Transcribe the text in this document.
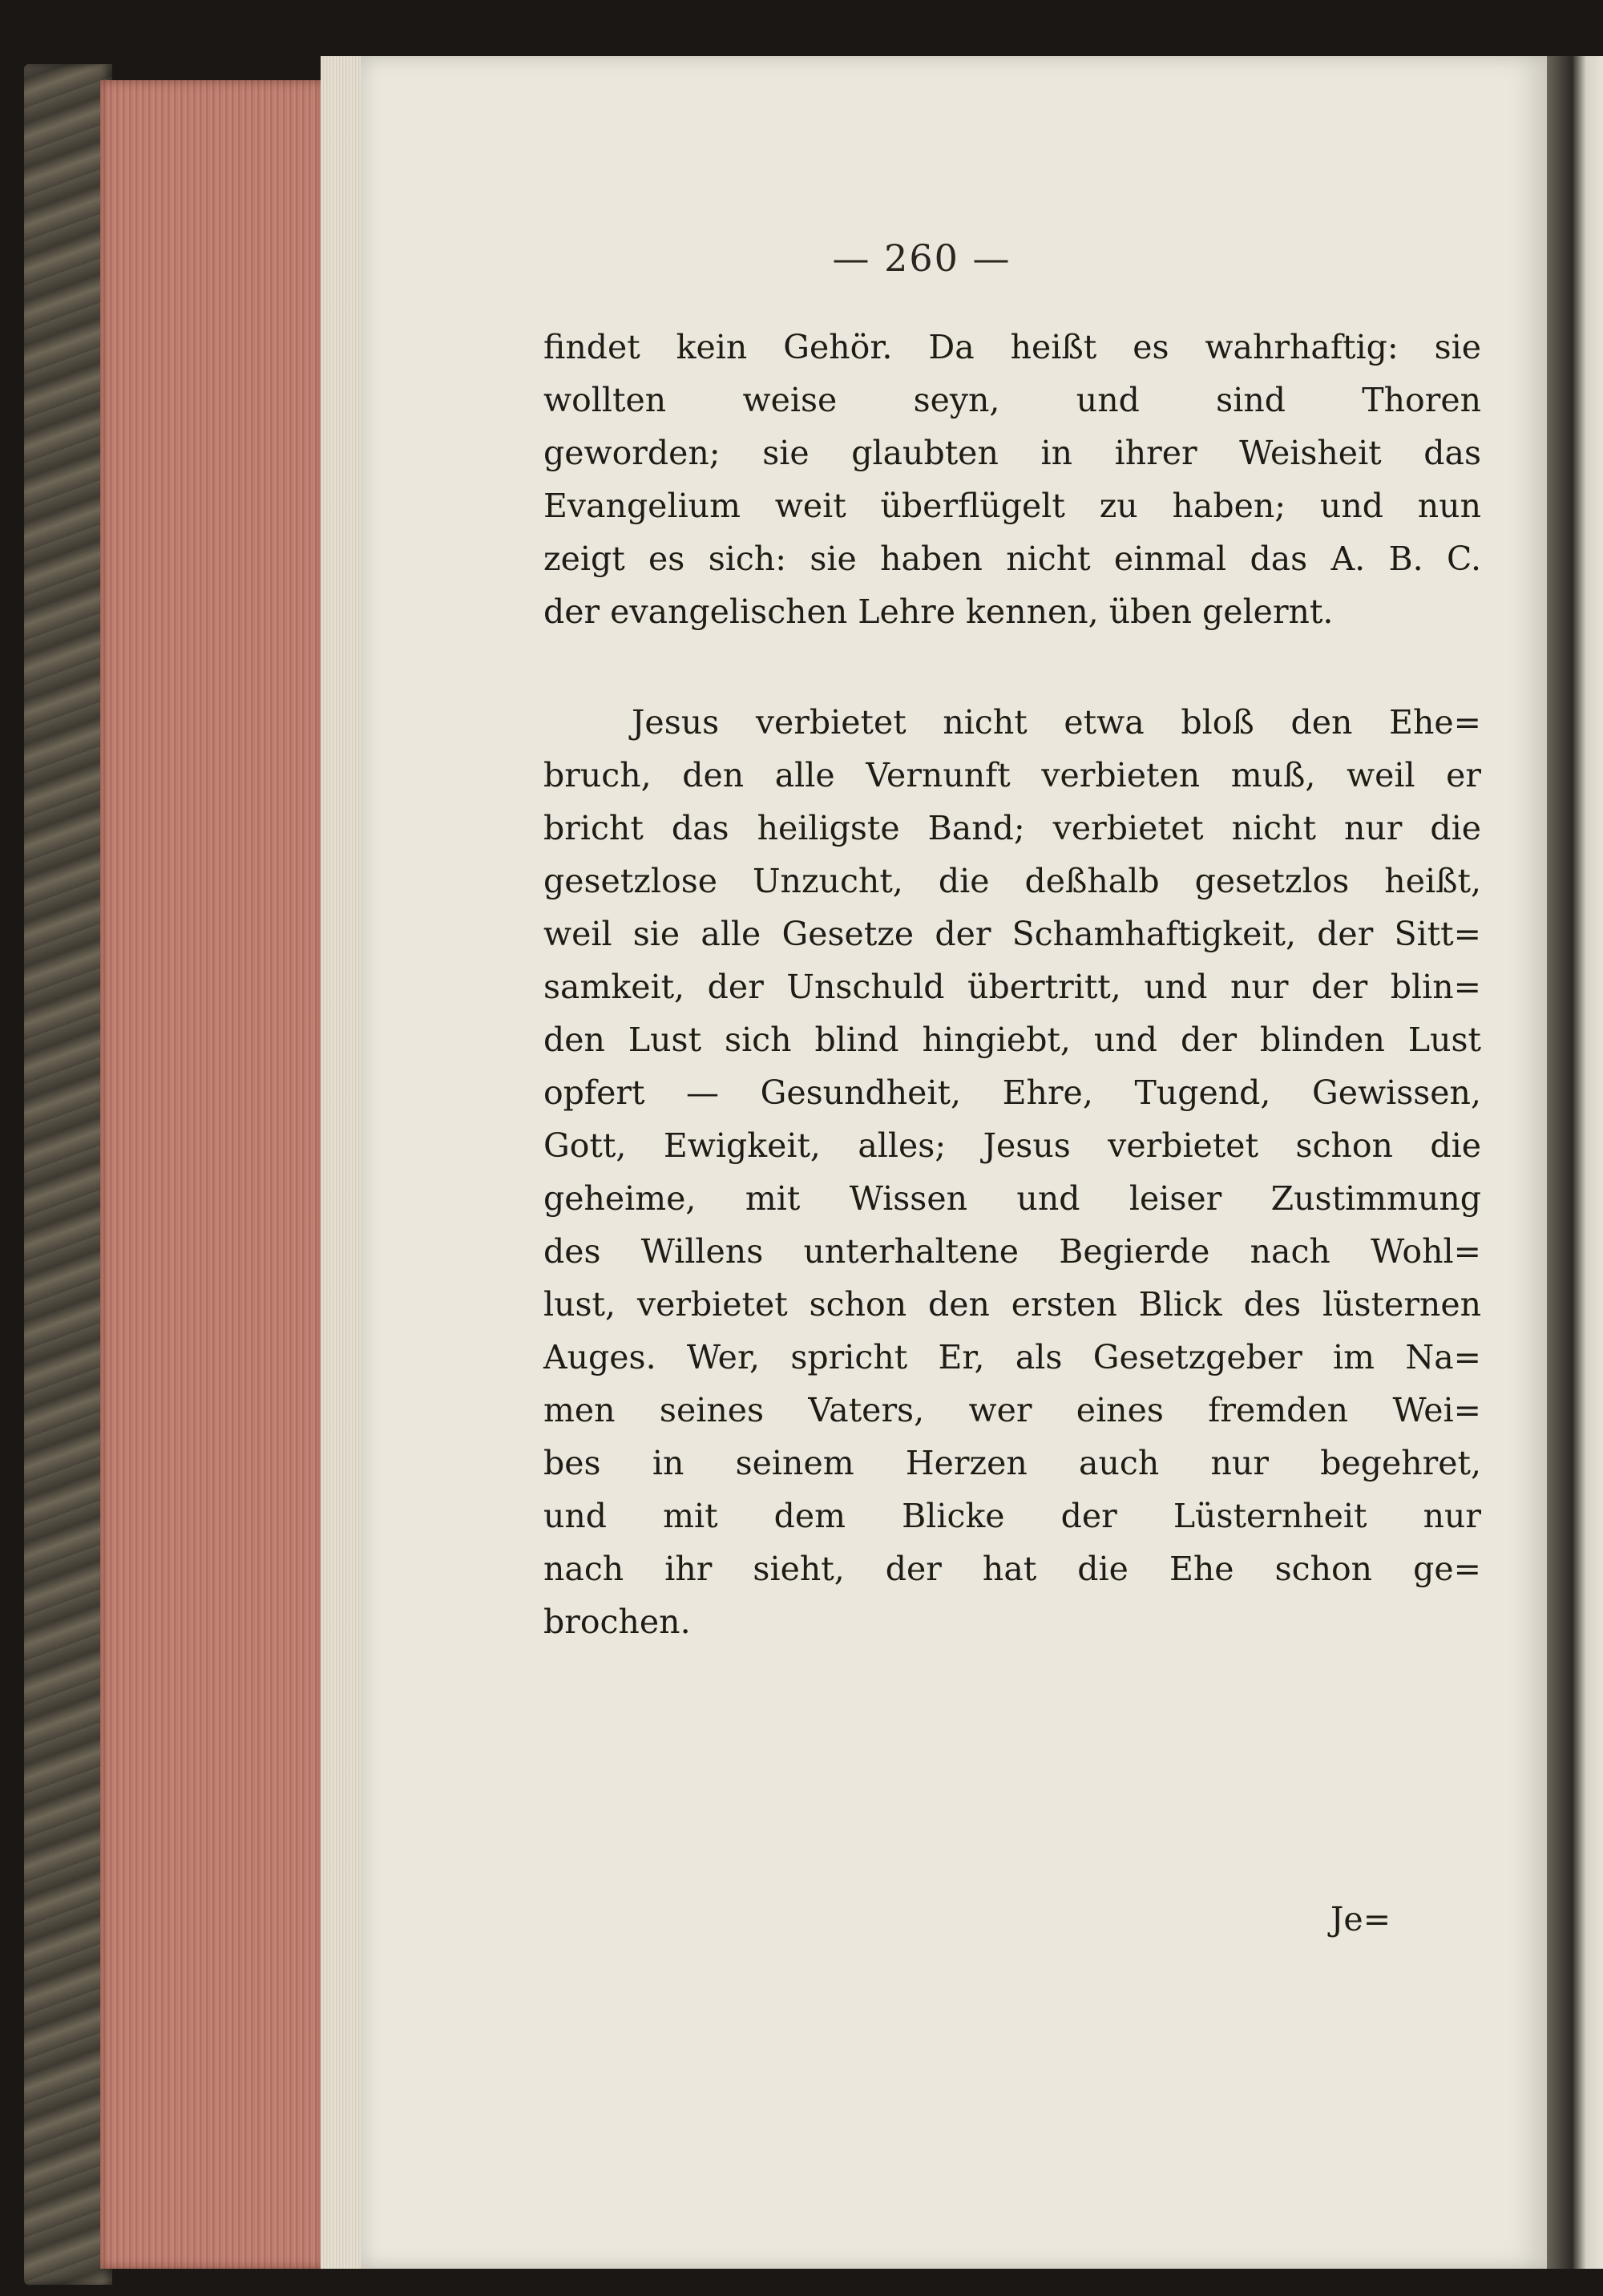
— 260 —
findet kein Gehör. Da heißt es wahrhaftig: sie
wollten weise seyn, und sind Thoren
geworden; sie glaubten in ihrer Weisheit das
Evangelium weit überflügelt zu haben; und nun
zeigt es sich: sie haben nicht einmal das A. B. C.
der evangelischen Lehre kennen, üben gelernt.
Jesus verbietet nicht etwa bloß den Ehe=
bruch, den alle Vernunft verbieten muß, weil er
bricht das heiligste Band; verbietet nicht nur die
gesetzlose Unzucht, die deßhalb gesetzlos heißt,
weil sie alle Gesetze der Schamhaftigkeit, der Sitt=
samkeit, der Unschuld übertritt, und nur der blin=
den Lust sich blind hingiebt, und der blinden Lust
opfert — Gesundheit, Ehre, Tugend, Gewissen,
Gott, Ewigkeit, alles; Jesus verbietet schon die
geheime, mit Wissen und leiser Zustimmung
des Willens unterhaltene Begierde nach Wohl=
lust, verbietet schon den ersten Blick des lüsternen
Auges. Wer, spricht Er, als Gesetzgeber im Na=
men seines Vaters, wer eines fremden Wei=
bes in seinem Herzen auch nur begehret,
und mit dem Blicke der Lüsternheit nur
nach ihr sieht, der hat die Ehe schon ge=
brochen.
Je=
